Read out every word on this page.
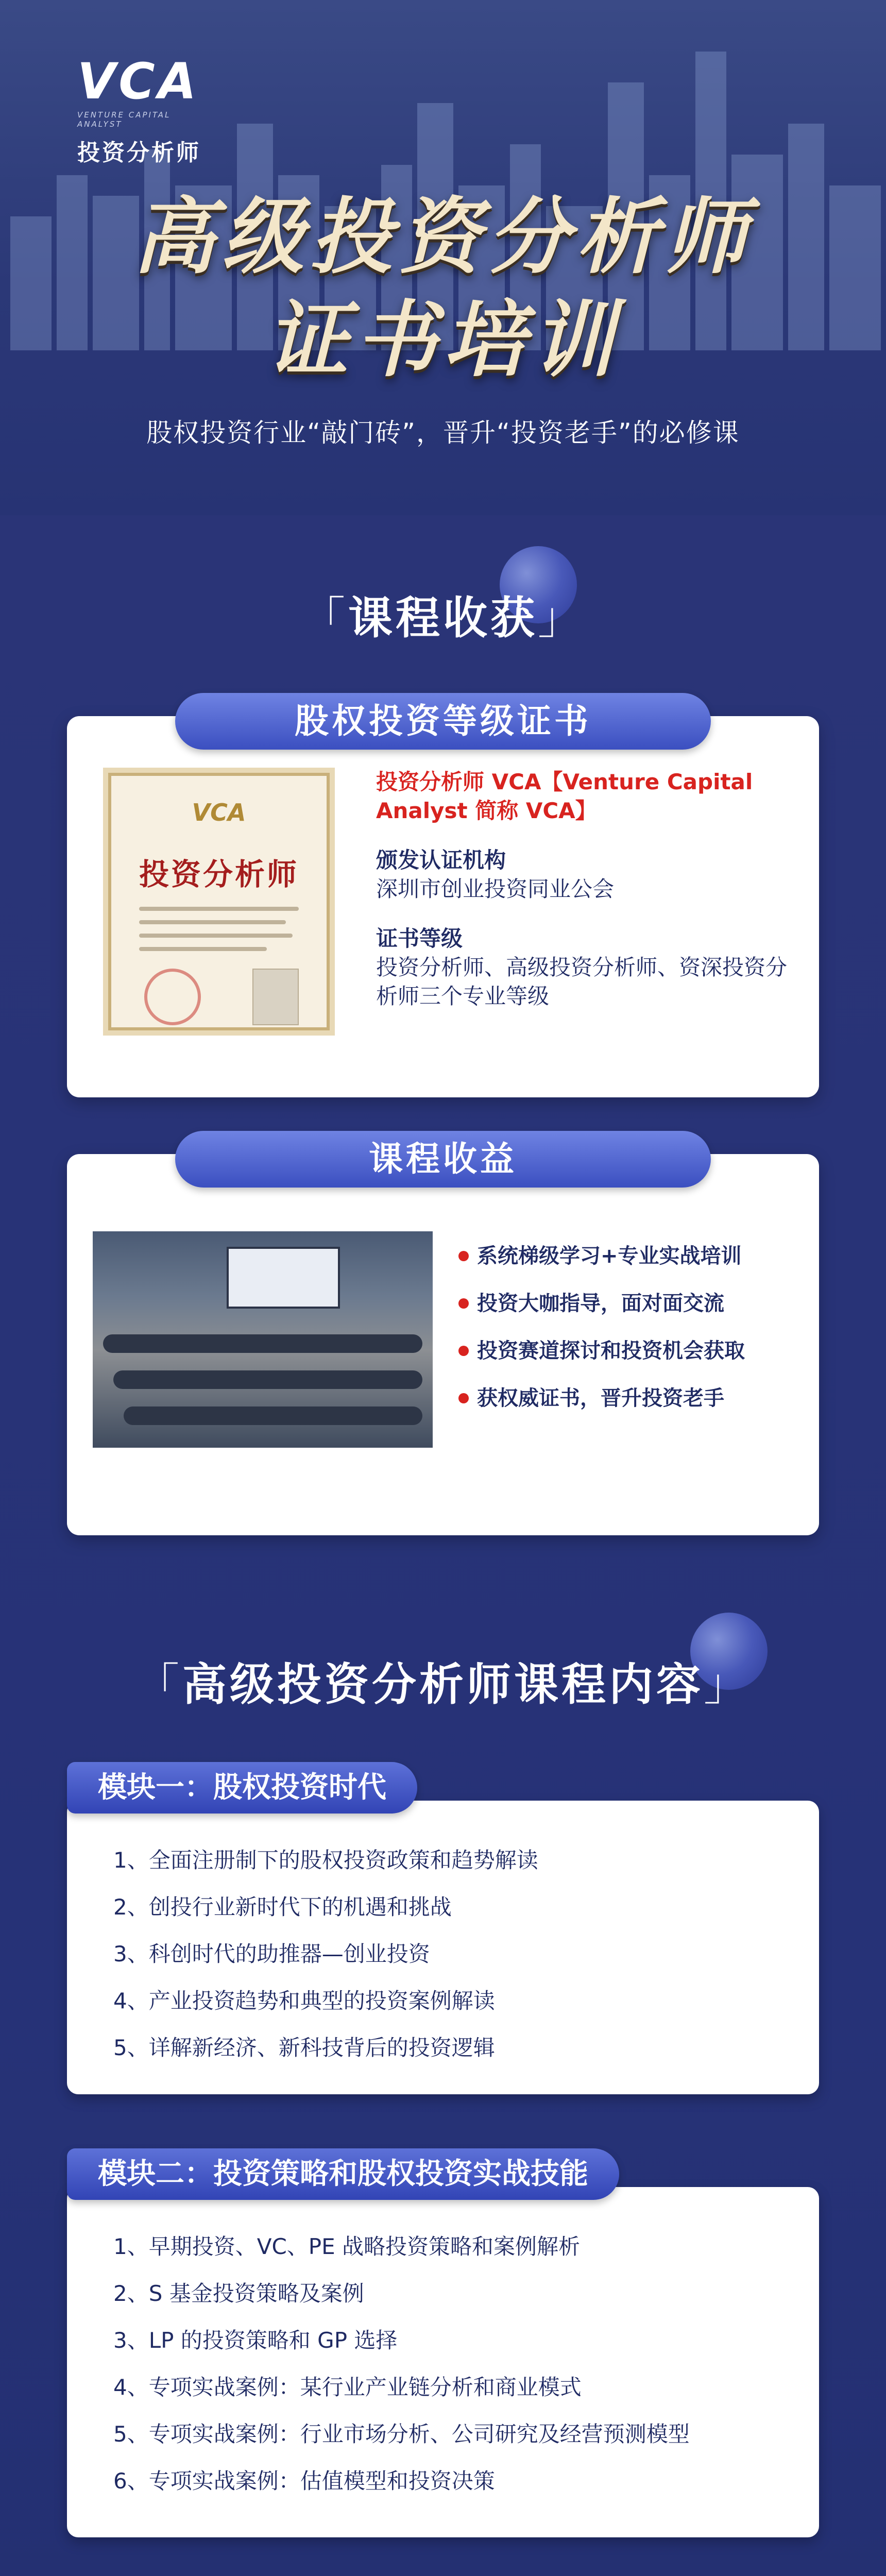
VCA
VENTURE CAPITAL ANALYST
投资分析师
高级投资分析师
证书培训
股权投资行业“敲门砖”，晋升“投资老手”的必修课
「课程收获」
VCA
投资分析师
投资分析师 VCA【Venture Capital Analyst 简称 VCA】
颁发认证机构
深圳市创业投资同业公会
证书等级
投资分析师、高级投资分析师、资深投资分析师三个专业等级
股权投资等级证书
系统梯级学习+专业实战培训
投资大咖指导，面对面交流
投资赛道探讨和投资机会获取
获权威证书，晋升投资老手
课程收益
「高级投资分析师课程内容」
1、全面注册制下的股权投资政策和趋势解读
2、创投行业新时代下的机遇和挑战
3、科创时代的助推器—创业投资
4、产业投资趋势和典型的投资案例解读
5、详解新经济、新科技背后的投资逻辑
模块一：股权投资时代
1、早期投资、VC、PE 战略投资策略和案例解析
2、S 基金投资策略及案例
3、LP 的投资策略和 GP 选择
4、专项实战案例：某行业产业链分析和商业模式
5、专项实战案例：行业市场分析、公司研究及经营预测模型
6、专项实战案例：估值模型和投资决策
模块二：投资策略和股权投资实战技能
